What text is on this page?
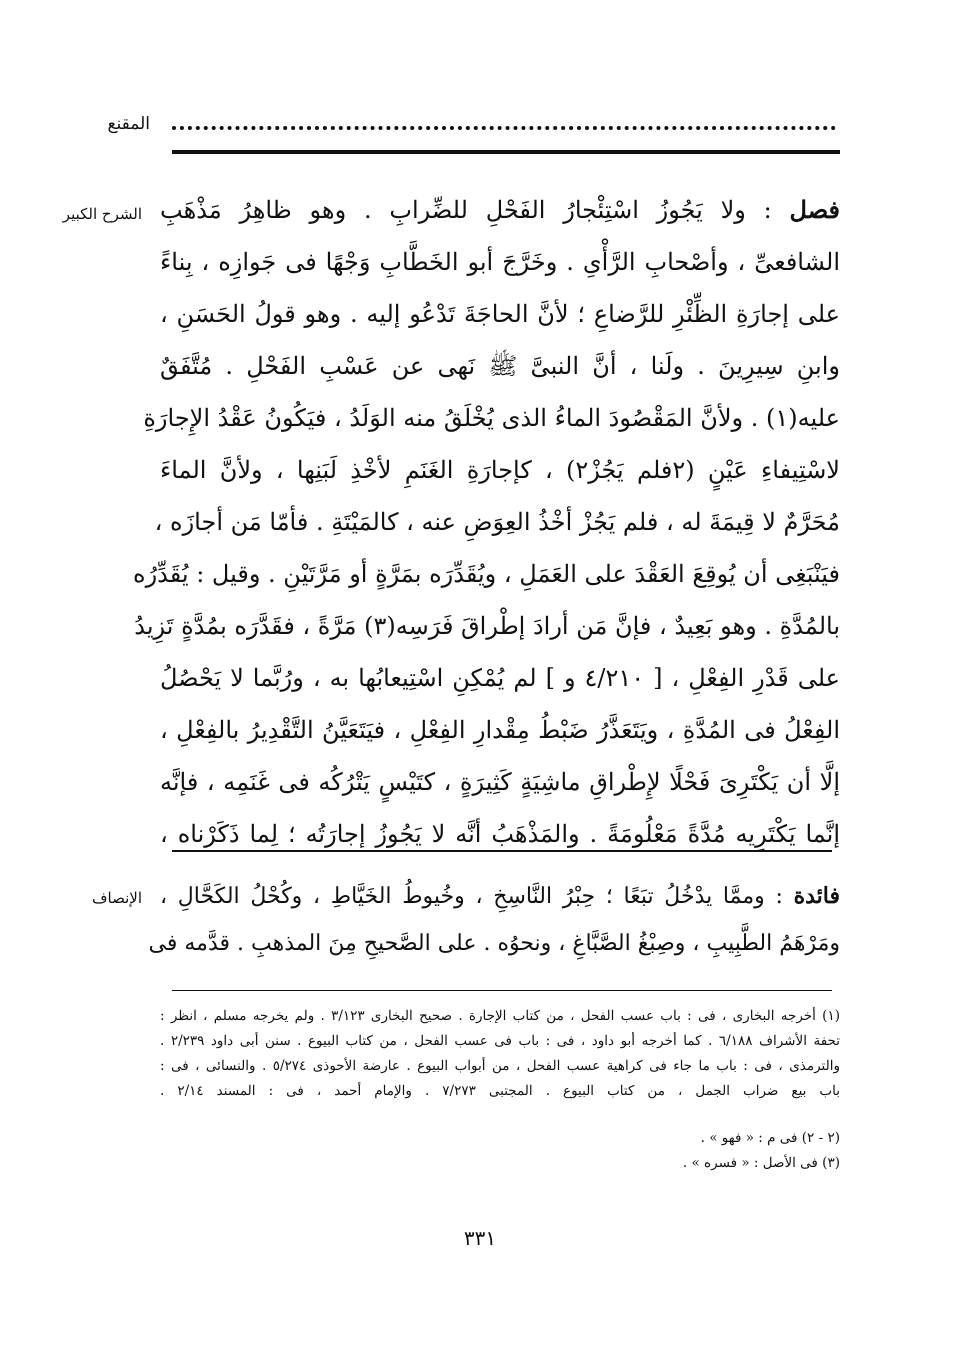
المقنع
الشرح الكبير
الإنصاف
فصل : ولا يَجُوزُ اسْتِئْجارُ الفَحْلِ للضِّرابِ . وهو ظاهِرُ مَذْهَبِ
الشافعىِّ ، وأصْحابِ الرَّأْىِ . وخَرَّجَ أبو الخَطَّابِ وَجْهًا فى جَوازِه ، بِناءً
على إجارَةِ الظِّئْرِ للرَّضاعِ ؛ لأنَّ الحاجَةَ تَدْعُو إليه . وهو قولُ الحَسَنِ ،
وابنِ سِيرِينَ . ولَنا ، أنَّ النبىَّ ﷺ نَهى عن عَسْبِ الفَحْلِ . مُتَّفَقٌ
عليه(١) . ولأنَّ المَقْصُودَ الماءُ الذى يُخْلَقُ منه الوَلَدُ ، فيَكُونُ عَقْدُ الإِجارَةِ
لاسْتِيفاءِ عَيْنٍ (٢فلم يَجُزْ٢) ، كإجارَةِ الغَنَمِ لأخْذِ لَبَنِها ، ولأنَّ الماءَ
مُحَرَّمٌ لا قِيمَةَ له ، فلم يَجُزْ أخْذُ العِوَضِ عنه ، كالمَيْتَةِ . فأمّا مَن أجازَه ،
فيَنْبَغِى أن يُوقِعَ العَقْدَ على العَمَلِ ، ويُقَدِّرَه بمَرَّةٍ أو مَرَّتَيْنِ . وقيل : يُقَدِّرُه
بالمُدَّةِ . وهو بَعِيدٌ ، فإنَّ مَن أرادَ إطْراقَ فَرَسِه(٣) مَرَّةً ، فقَدَّرَه بمُدَّةٍ تَزِيدُ
على قَدْرِ الفِعْلِ ، [ ٤/٢١٠ و ] لم يُمْكِنِ اسْتِيعابُها به ، ورُبَّما لا يَحْصُلُ
الفِعْلُ فى المُدَّةِ ، ويَتَعَذَّرُ ضَبْطُ مِقْدارِ الفِعْلِ ، فيَتَعَيَّنُ التَّقْدِيرُ بالفِعْلِ ،
إلَّا أن يَكْتَرِىَ فَحْلًا لإِطْراقِ ماشِيَةٍ كَثِيرَةٍ ، كتَيْسٍ يَتْرُكُه فى غَنَمِه ، فإنَّه
إنَّما يَكْتَرِيه مُدَّةً مَعْلُومَةً . والمَذْهَبُ أنَّه لا يَجُوزُ إجارَتُه ؛ لِما ذَكَرْناه ،
فائدة : وممَّا يدْخُلُ تبَعًا ؛ حِبْرُ النَّاسِخِ ، وخُيوطُ الخَيَّاطِ ، وكُحْلُ الكَحَّالِ ،
ومَرْهَمُ الطَّبِيبِ ، وصِبْغُ الصَّبَّاغِ ، ونحوُه . على الصَّحيحِ مِنَ المذهبِ . قدَّمه فى
(١) أخرجه البخارى ، فى : باب عسب الفحل ، من كتاب الإجارة . صحيح البخارى ٣/١٢٣ . ولم يخرجه مسلم ، انظر :
تحفة الأشراف ٦/١٨٨ . كما أخرجه أبو داود ، فى : باب فى عسب الفحل ، من كتاب البيوع . سنن أبى داود ٢/٢٣٩ .
والترمذى ، فى : باب ما جاء فى كراهية عسب الفحل ، من أبواب البيوع . عارضة الأحوذى ٥/٢٧٤ . والنسائى ، فى :
باب بيع ضراب الجمل ، من كتاب البيوع . المجتبى ٧/٢٧٣ . والإمام أحمد ، فى : المسند ٢/١٤ .
(٢ - ٢) فى م : « فهو » .
(٣) فى الأصل : « فسره » .
٣٣١
